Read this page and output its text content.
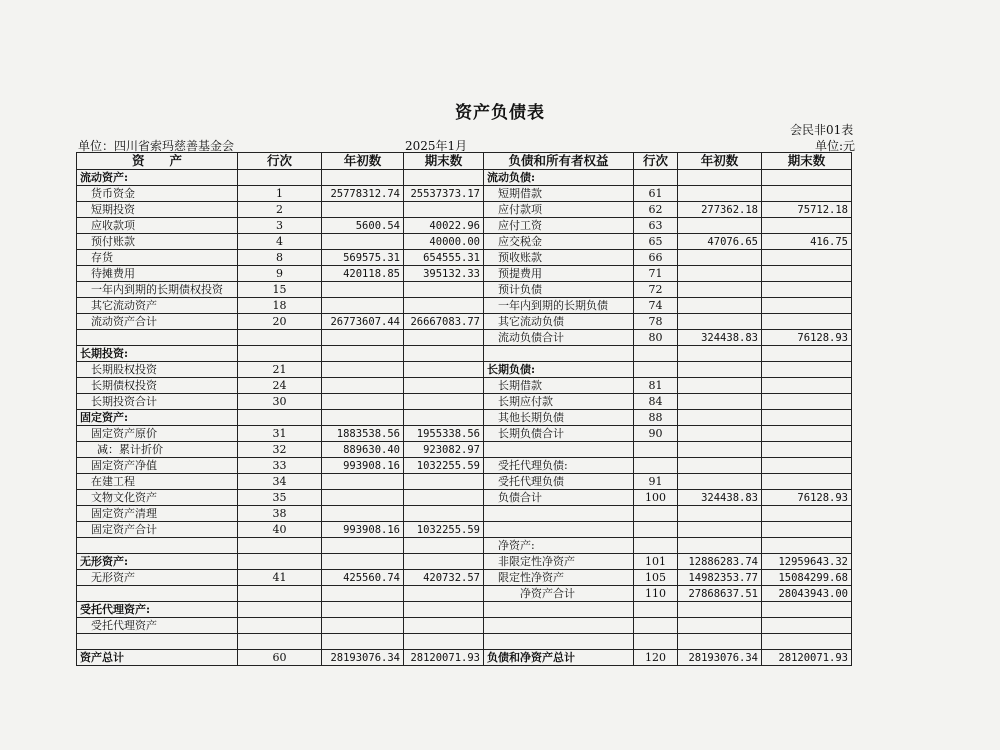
资产负债表
会民非01表
单位:元
单位：四川省索玛慈善基金会	2025年1月
资　　产	行次	年初数	期末数	负债和所有者权益	行次	年初数	期末数
流动资产:				流动负债:			
货币资金	1	25778312.74	25537373.17	短期借款	61		
短期投资	2			应付款项	62	277362.18	75712.18
应收款项	3	5600.54	40022.96	应付工资	63		
预付账款	4		40000.00	应交税金	65	47076.65	416.75
存货	8	569575.31	654555.31	预收账款	66		
待摊费用	9	420118.85	395132.33	预提费用	71		
一年内到期的长期债权投资	15			预计负债	72		
其它流动资产	18			一年内到期的长期负债	74		
流动资产合计	20	26773607.44	26667083.77	其它流动负债	78		
				流动负债合计	80	324438.83	76128.93
长期投资:							
长期股权投资	21			长期负债:			
长期债权投资	24			长期借款	81		
长期投资合计	30			长期应付款	84		
固定资产:				其他长期负债	88		
固定资产原价	31	1883538.56	1955338.56	长期负债合计	90		
减：累计折价	32	889630.40	923082.97				
固定资产净值	33	993908.16	1032255.59	受托代理负债:			
在建工程	34			受托代理负债	91		
文物文化资产	35			负债合计	100	324438.83	76128.93
固定资产清理	38						
固定资产合计	40	993908.16	1032255.59				
				净资产:			
无形资产:				非限定性净资产	101	12886283.74	12959643.32
无形资产	41	425560.74	420732.57	限定性净资产	105	14982353.77	15084299.68
				净资产合计	110	27868637.51	28043943.00
受托代理资产:							
受托代理资产							

资产总计	60	28193076.34	28120071.93	负债和净资产总计	120	28193076.34	28120071.93
